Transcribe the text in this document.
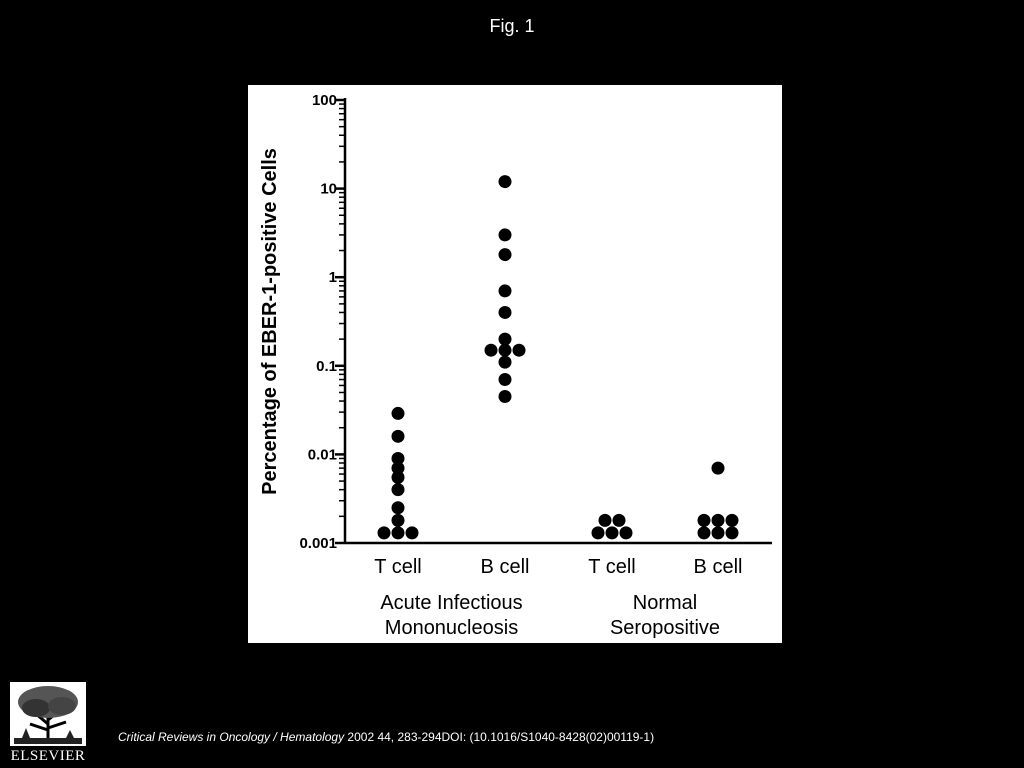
Fig. 1
100
10
1
0.1
0.01
0.001
T cell	B cell	T cell	B cell
Acute Infectious
Mononucleosis
Normal
Seropositive
Percentage of EBER-1-positive Cells
ELSEVIER
Critical Reviews in Oncology / Hematology 2002 44, 283-294DOI: (10.1016/S1040-8428(02)00119-1)
